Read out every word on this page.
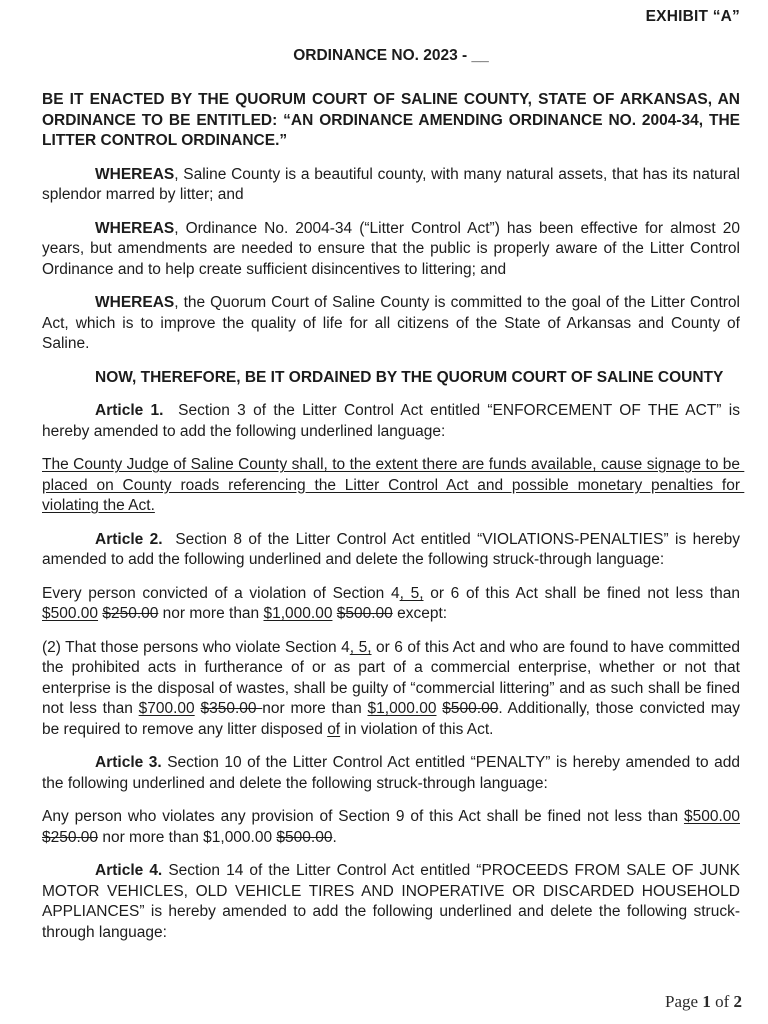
EXHIBIT “A”
ORDINANCE NO. 2023 - __

BE IT ENACTED BY THE QUORUM COURT OF SALINE COUNTY, STATE OF ARKANSAS, AN ORDINANCE TO BE ENTITLED: “AN ORDINANCE AMENDING ORDINANCE NO. 2004-34, THE LITTER CONTROL ORDINANCE.”

WHEREAS, Saline County is a beautiful county, with many natural assets, that has its natural splendor marred by litter; and

WHEREAS, Ordinance No. 2004-34 (“Litter Control Act”) has been effective for almost 20 years, but amendments are needed to ensure that the public is properly aware of the Litter Control Ordinance and to help create sufficient disincentives to littering; and

WHEREAS, the Quorum Court of Saline County is committed to the goal of the Litter Control Act, which is to improve the quality of life for all citizens of the State of Arkansas and County of Saline.

NOW, THEREFORE, BE IT ORDAINED BY THE QUORUM COURT OF SALINE COUNTY

Article 1.  Section 3 of the Litter Control Act entitled “ENFORCEMENT OF THE ACT” is hereby amended to add the following underlined language:

The County Judge of Saline County shall, to the extent there are funds available, cause signage to be placed on County roads referencing the Litter Control Act and possible monetary penalties for violating the Act.

Article 2.  Section 8 of the Litter Control Act entitled “VIOLATIONS-PENALTIES” is hereby amended to add the following underlined and delete the following struck-through language:

Every person convicted of a violation of Section 4, 5, or 6 of this Act shall be fined not less than $500.00 $250.00 nor more than $1,000.00 $500.00 except:

(2) That those persons who violate Section 4, 5, or 6 of this Act and who are found to have committed the prohibited acts in furtherance of or as part of a commercial enterprise, whether or not that enterprise is the disposal of wastes, shall be guilty of “commercial littering” and as such shall be fined not less than $700.00 $350.00 nor more than $1,000.00 $500.00. Additionally, those convicted may be required to remove any litter disposed of in violation of this Act.

Article 3. Section 10 of the Litter Control Act entitled “PENALTY” is hereby amended to add the following underlined and delete the following struck-through language:

Any person who violates any provision of Section 9 of this Act shall be fined not less than $500.00 $250.00 nor more than $1,000.00 $500.00.

Article 4. Section 14 of the Litter Control Act entitled “PROCEEDS FROM SALE OF JUNK MOTOR VEHICLES, OLD VEHICLE TIRES AND INOPERATIVE OR DISCARDED HOUSEHOLD APPLIANCES” is hereby amended to add the following underlined and delete the following struck-through language:

Page 1 of 2
